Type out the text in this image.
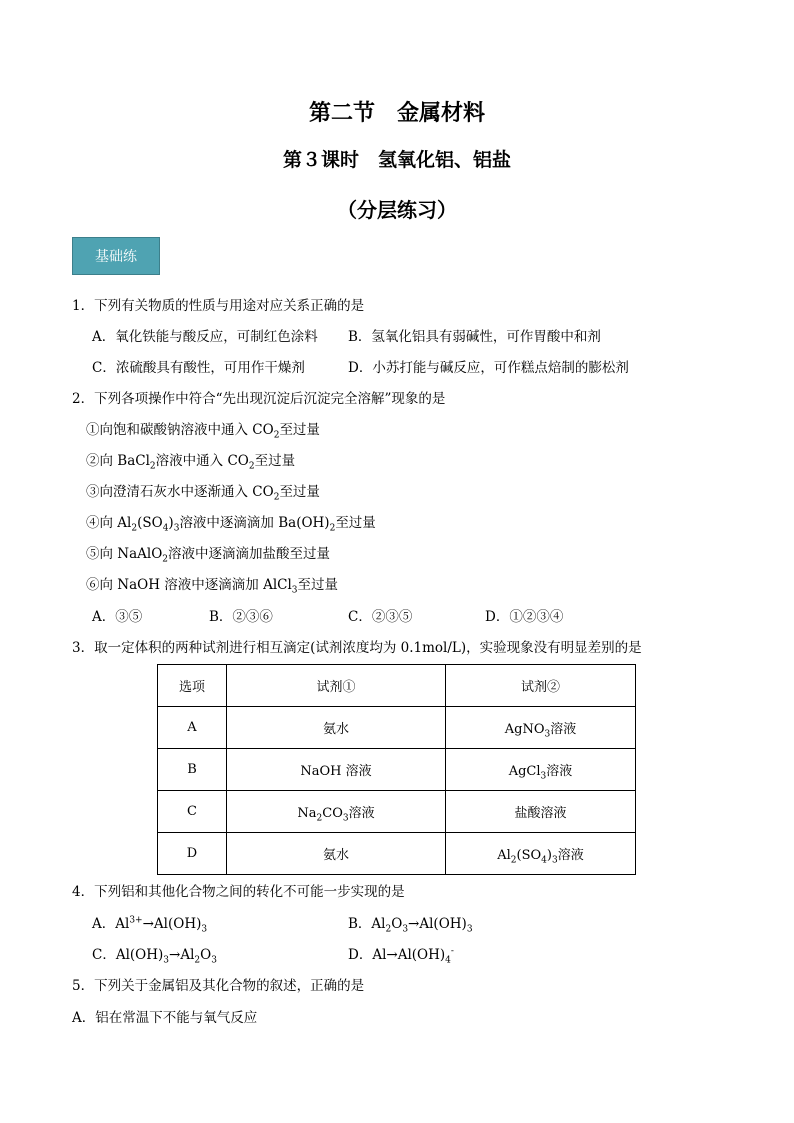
第二节　金属材料
第３课时　氢氧化铝、铝盐
（分层练习）
基础练
1．下列有关物质的性质与用途对应关系正确的是
A．氧化铁能与酸反应，可制红色涂料 B．氢氧化铝具有弱碱性，可作胃酸中和剂
C．浓硫酸具有酸性，可用作干燥剂	D．小苏打能与碱反应，可作糕点焙制的膨松剂
2．下列各项操作中符合“先出现沉淀后沉淀完全溶解”现象的是
①向饱和碳酸钠溶液中通入 $CO_2$至过量
②向 BaCl$_2$溶液中通入 $CO_2$至过量
③向澄清石灰水中逐渐通入 $CO_2$至过量
④向 $Al_2(SO_4)_3$溶液中逐滴滴加 $Ba(OH)_2$至过量
⑤向 NaAlO$_2$溶液中逐滴滴加盐酸至过量
⑥向 NaOH 溶液中逐滴滴加 AlCl$_3$至过量
A．③⑤	B．②③⑥	C．②③⑤	D．①②③④
3．取一定体积的两种试剂进行相互滴定(试剂浓度均为 0.1mol/L)，实验现象没有明显差别的是
选项	试剂①	试剂②
A	氨水	AgNO$_3$溶液
B	NaOH 溶液	AgCl$_3$溶液
C	$Na_2CO_3$溶液	盐酸溶液
D	氨水	$Al_2(SO_4)_3$溶液
4．下列铝和其他化合物之间的转化不可能一步实现的是
A．$Al^{3+}\to Al(OH)_3$	B．$Al_2O_3\to Al(OH)_3$
C．$Al(OH)_3\to Al_2O_3$	D．$Al\to Al(OH)_4^-$
5．下列关于金属铝及其化合物的叙述，正确的是
A．铝在常温下不能与氧气反应
